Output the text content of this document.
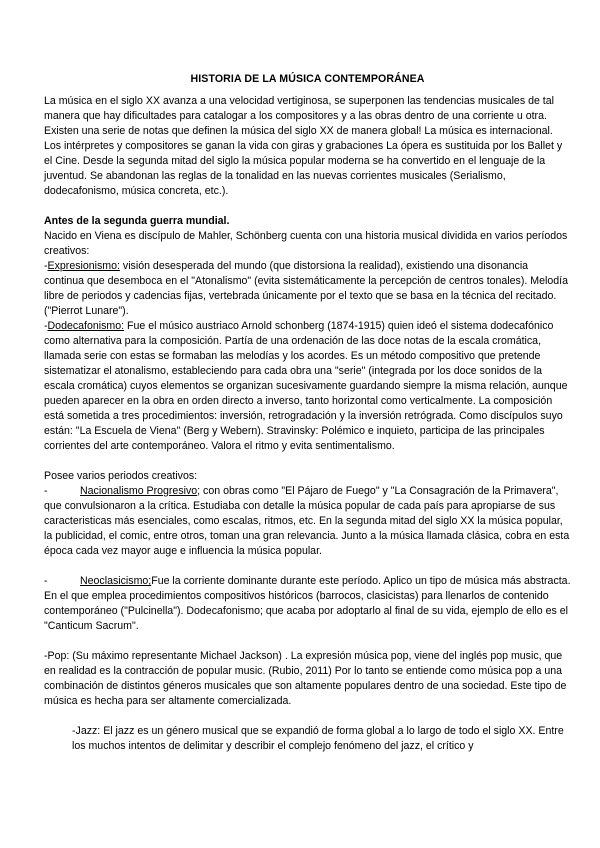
HISTORIA DE LA MÚSICA CONTEMPORÁNEA

La música en el siglo XX avanza a una velocidad vertiginosa, se superponen las tendencias musicales de tal manera que hay dificultades para catalogar a los compositores y a las obras dentro de una corriente u otra. Existen una serie de notas que definen la música del siglo XX de manera global! La música es internacional. Los intérpretes y compositores se ganan la vida con giras y grabaciones La ópera es sustituida por los Ballet y el Cine. Desde la segunda mitad del siglo la música popular moderna se ha convertido en el lenguaje de la juventud. Se abandonan las reglas de la tonalidad en las nuevas corrientes musicales (Serialismo, dodecafonismo, música concreta, etc.).

Antes de la segunda guerra mundial.

Nacido en Viena es discípulo de Mahler, Schönberg cuenta con una historia musical dividida en varios períodos creativos:

-Expresionismo: visión desesperada del mundo (que distorsiona la realidad), existiendo una disonancia continua que desemboca en el "Atonalismo" (evita sistemáticamente la percepción de centros tonales). Melodía libre de periodos y cadencias fijas, vertebrada únicamente por el texto que se basa en la técnica del recitado. ("Pierrot Lunare").

-Dodecafonismo: Fue el músico austriaco Arnold schonberg (1874-1915) quien ideó el sistema dodecafónico como alternativa para la composición. Partía de una ordenación de las doce notas de la escala cromática, llamada serie con estas se formaban las melodías y los acordes. Es un método compositivo que pretende sistematizar el atonalismo, estableciendo para cada obra una "serie" (integrada por los doce sonidos de la escala cromática) cuyos elementos se organizan sucesivamente guardando siempre la misma relación, aunque pueden aparecer en la obra en orden directo a inverso, tanto horizontal como verticalmente. La composición está sometida a tres procedimientos: inversión, retrogradación y la inversión retrógrada. Como discípulos suyo están: "La Escuela de Viena" (Berg y Webern). Stravinsky: Polémico e inquieto, participa de las principales corrientes del arte contemporáneo. Valora el ritmo y evita sentimentalismo.

Posee varios periodos creativos:

-	Nacionalismo Progresivo; con obras como "El Pájaro de Fuego" y "La Consagración de la Primavera", que convulsionaron a la crítica. Estudiaba con detalle la música popular de cada país para apropiarse de sus caracteristicas más esenciales, como escalas, ritmos, etc. En la segunda mitad del siglo XX la música popular, la publicidad, el comic, entre otros, toman una gran relevancia. Junto a la música llamada clásica, cobra en esta época cada vez mayor auge e influencia la música popular.

-	Neoclasicismo;Fue la corriente dominante durante este período. Aplico un tipo de música más abstracta. En el que emplea procedimientos compositivos históricos (barrocos, clasicistas) para llenarlos de contenido contemporáneo ("Pulcinella"). Dodecafonismo; que acaba por adoptarlo al final de su vida, ejemplo de ello es el "Canticum Sacrum".

-Pop: (Su máximo representante Michael Jackson) . La expresión música pop, viene del inglés pop music, que en realidad es la contracción de popular music. (Rubio, 2011) Por lo tanto se entiende como música pop a una combinación de distintos géneros musicales que son altamente populares dentro de una sociedad. Este tipo de música es hecha para ser altamente comercializada.

-Jazz: El jazz es un género musical que se expandió de forma global a lo largo de todo el siglo XX. Entre los muchos intentos de delimitar y describir el complejo fenómeno del jazz, el crítico y
